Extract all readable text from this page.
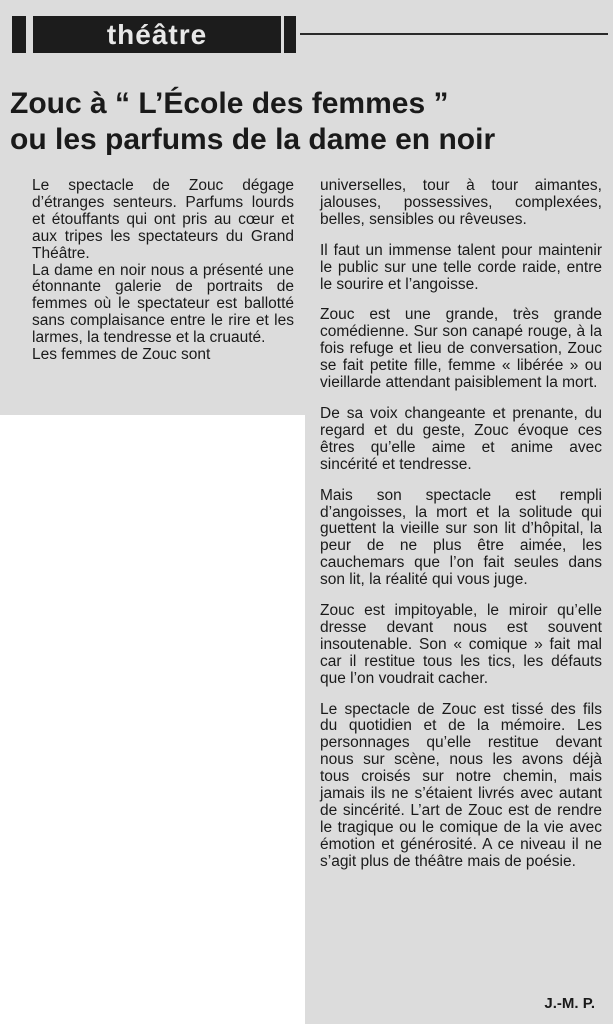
théâtre
Zouc à “ L’École des femmes ”
ou les parfums de la dame en noir

Le spectacle de Zouc dégage d’étranges senteurs. Parfums lourds et étouffants qui ont pris au cœur et aux tripes les spectateurs du Grand Théâtre.

La dame en noir nous a présenté une étonnante galerie de portraits de femmes où le spectateur est ballotté sans complaisance entre le rire et les larmes, la tendresse et la cruauté.

Les femmes de Zouc sont

universelles, tour à tour aimantes, jalouses, possessives, complexées, belles, sensibles ou rêveuses.

Il faut un immense talent pour maintenir le public sur une telle corde raide, entre le sourire et l’angoisse.

Zouc est une grande, très grande comédienne. Sur son canapé rouge, à la fois refuge et lieu de conversation, Zouc se fait petite fille, femme « libérée » ou vieillarde attendant paisiblement la mort.

De sa voix changeante et prenante, du regard et du geste, Zouc évoque ces êtres qu’elle aime et anime avec sincérité et tendresse.

Mais son spectacle est rempli d’angoisses, la mort et la solitude qui guettent la vieille sur son lit d’hôpital, la peur de ne plus être aimée, les cauchemars que l’on fait seules dans son lit, la réalité qui vous juge.

Zouc est impitoyable, le miroir qu’elle dresse devant nous est souvent insoutenable. Son « comique » fait mal car il restitue tous les tics, les défauts que l’on voudrait cacher.

Le spectacle de Zouc est tissé des fils du quotidien et de la mémoire. Les personnages qu’elle restitue devant nous sur scène, nous les avons déjà tous croisés sur notre chemin, mais jamais ils ne s’étaient livrés avec autant de sincérité. L’art de Zouc est de rendre le tragique ou le comique de la vie avec émotion et générosité. A ce niveau il ne s’agit plus de théâtre mais de poésie.

J.-M. P.
